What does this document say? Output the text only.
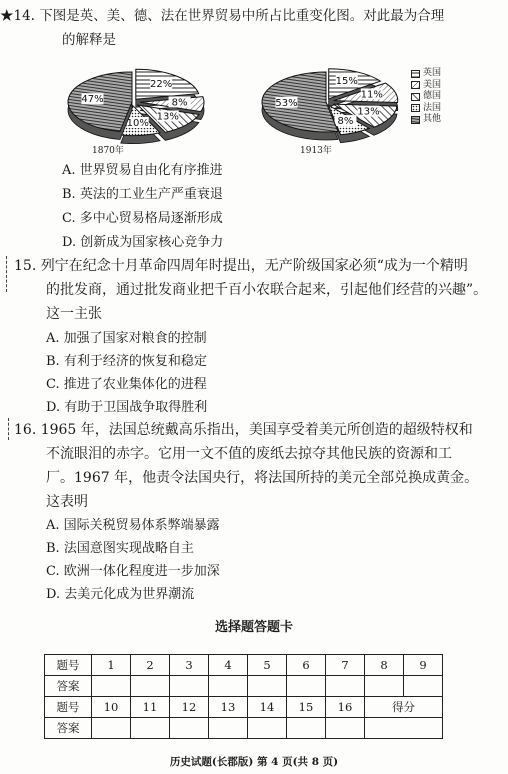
★14. 下图是英、美、德、法在世界贸易中所占比重变化图。对此最为合理
的解释是
22%
8%
13%
10%
47%
1870年
15%
11%
13%
8%
53%
1913年
英国
美国
德国
法国
其他
A. 世界贸易自由化有序推进
B. 英法的工业生产严重衰退
C. 多中心贸易格局逐渐形成
D. 创新成为国家核心竞争力
15. 列宁在纪念十月革命四周年时提出，无产阶级国家必须“成为一个精明
的批发商，通过批发商业把千百小农联合起来，引起他们经营的兴趣”。
这一主张
A. 加强了国家对粮食的控制
B. 有利于经济的恢复和稳定
C. 推进了农业集体化的进程
D. 有助于卫国战争取得胜利
16. 1965 年，法国总统戴高乐指出，美国享受着美元所创造的超级特权和
不流眼泪的赤字。它用一文不值的废纸去掠夺其他民族的资源和工
厂。1967 年，他责令法国央行，将法国所持的美元全部兑换成黄金。
这表明
A. 国际关税贸易体系弊端暴露
B. 法国意图实现战略自主
C. 欧洲一体化程度进一步加深
D. 去美元化成为世界潮流
选择题答题卡
题号	1	2	3	4	5	6	7	8	9
答案									
题号	10	11	12	13	14	15	16	得分	
答案									
历史试题(长郡版) 第 4 页(共 8 页)
